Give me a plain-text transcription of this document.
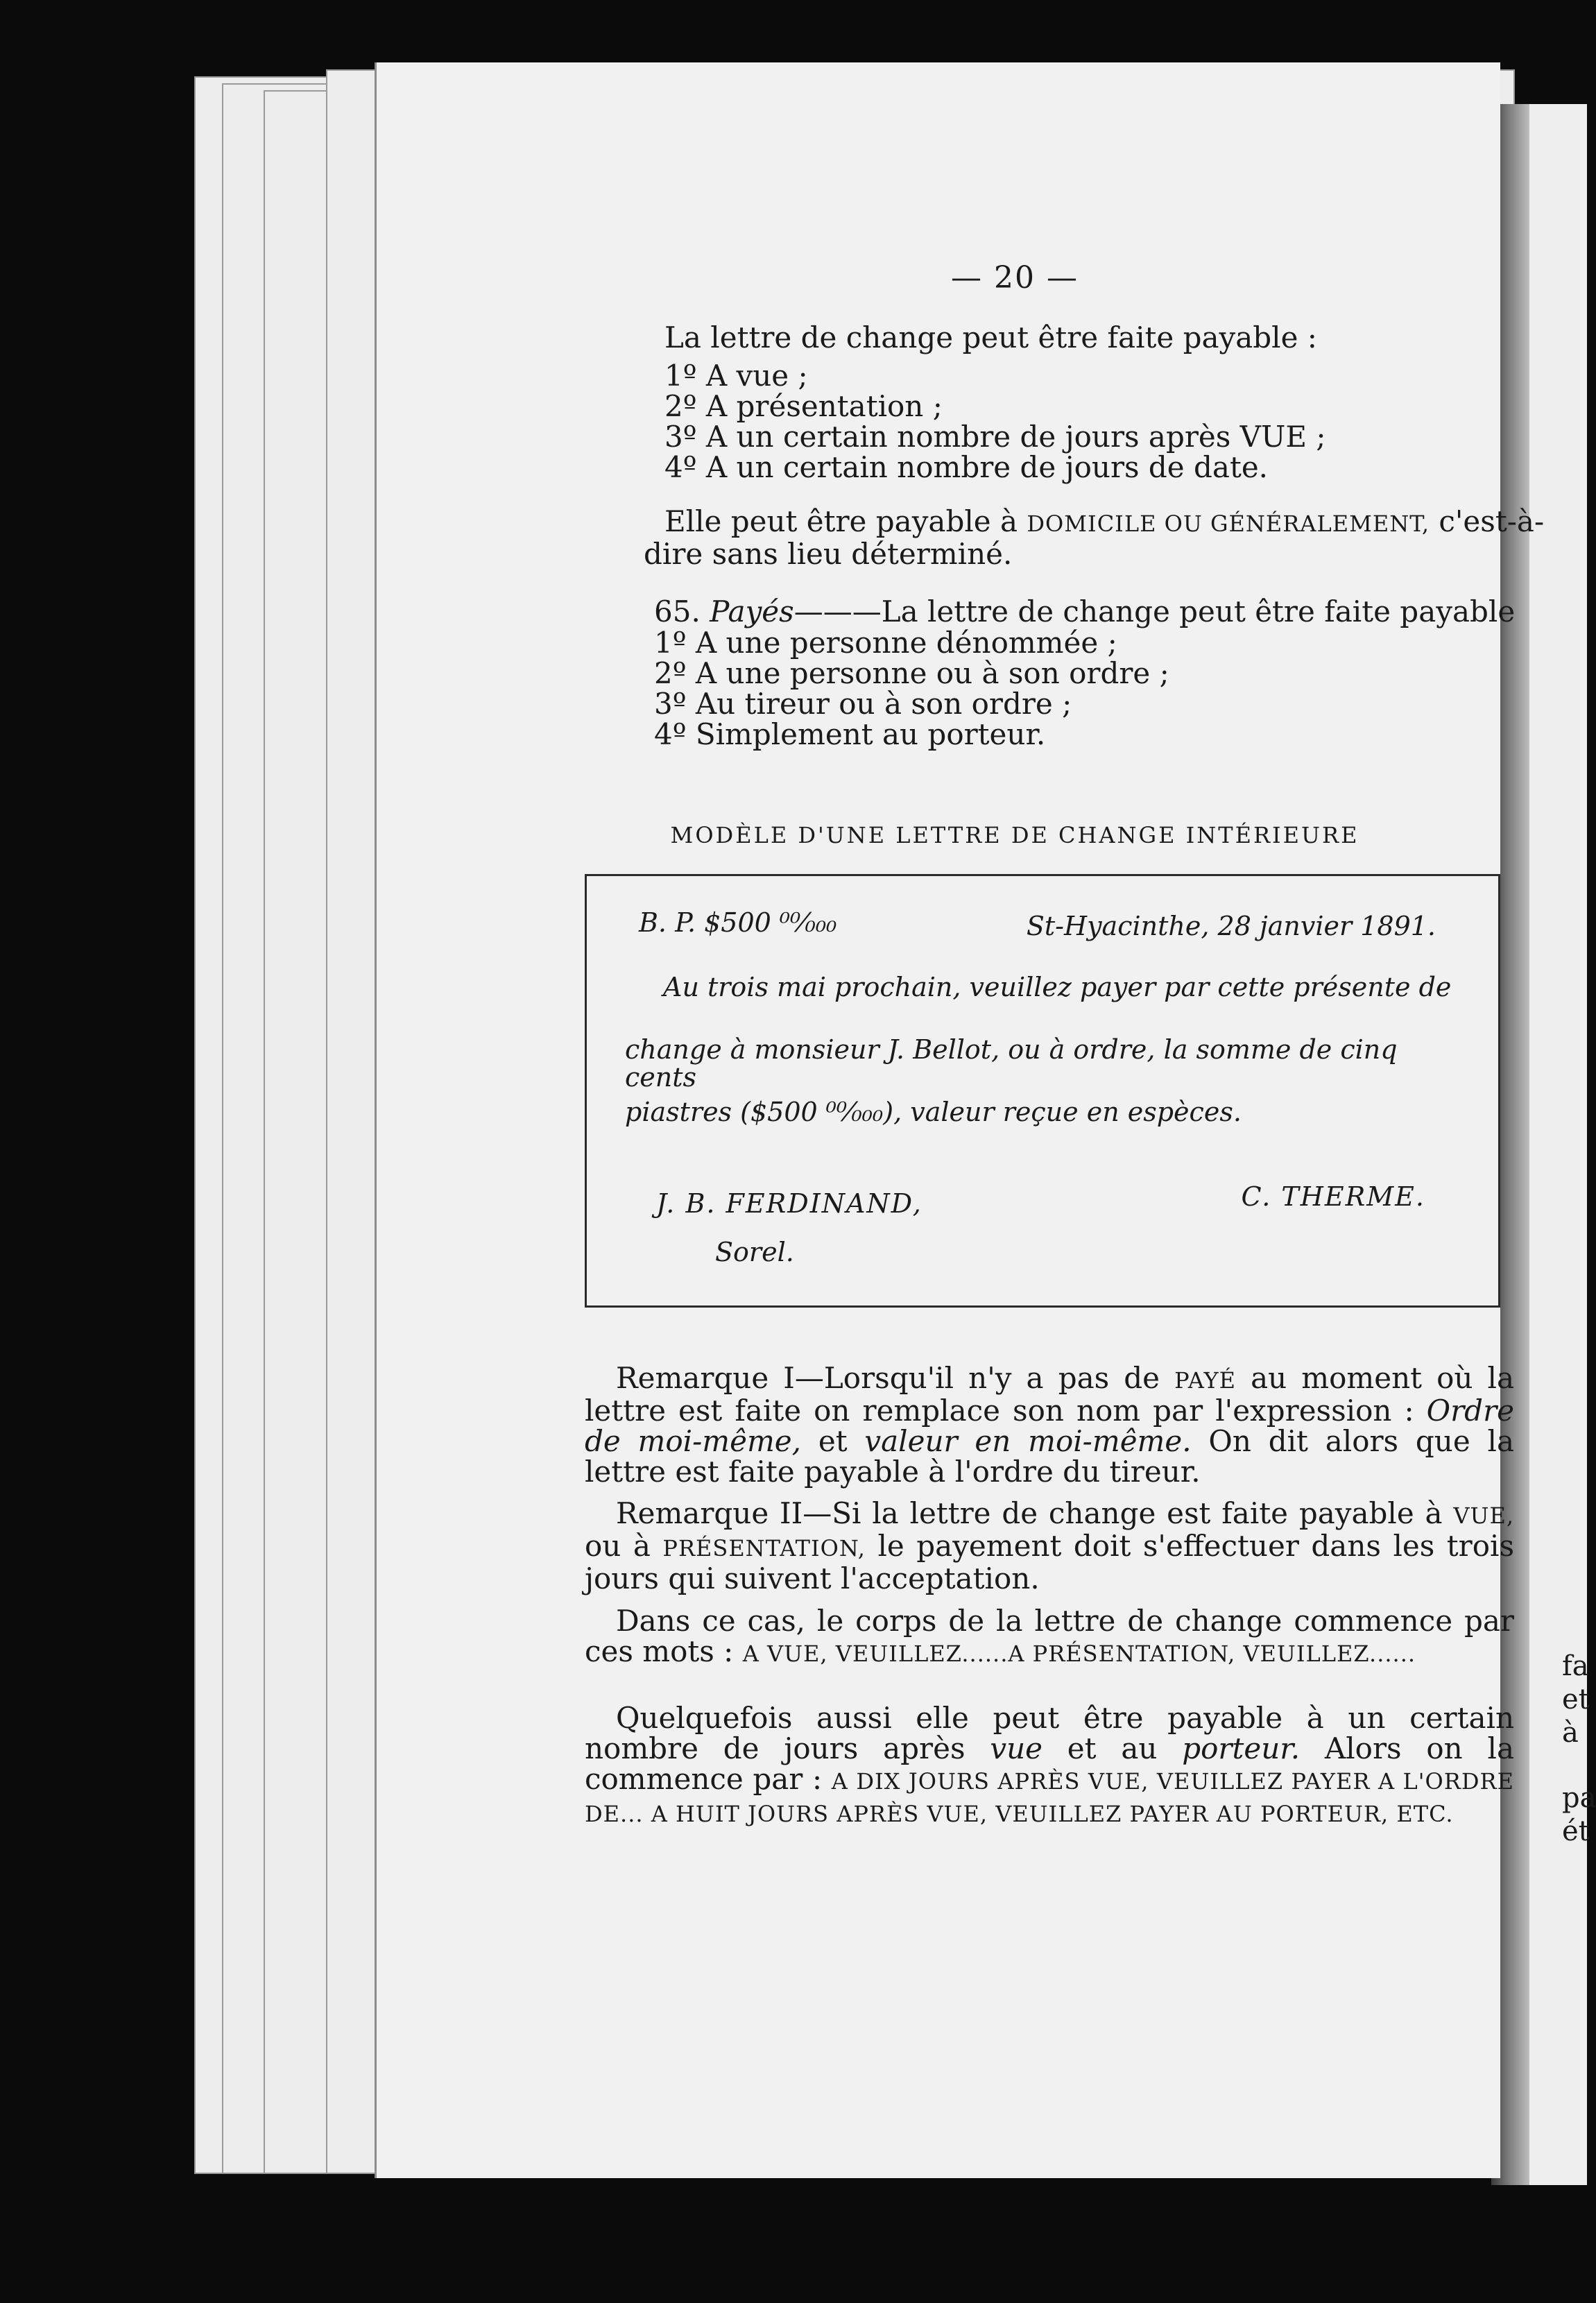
fa
et
à
pa
ét
— 20 —

La lettre de change peut être faite payable :

1º A vue ;
2º A présentation ;
3º A un certain nombre de jours après VUE ;
4º A un certain nombre de jours de date.

Elle peut être payable à DOMICILE OU GÉNÉRALEMENT, c'est-à-dire sans lieu déterminé.

65. Payés———La lettre de change peut être faite payable

1º A une personne dénommée ;
2º A une personne ou à son ordre ;
3º Au tireur ou à son ordre ;
4º Simplement au porteur.
MODÈLE D'UNE LETTRE DE CHANGE INTÉRIEURE
B. P. $500 ⁰⁰⁄₀₀₀	St-Hyacinthe, 28 janvier 1891.
Au trois mai prochain, veuillez payer par cette présente de
change à monsieur J. Bellot, ou à ordre, la somme de cinq cents
piastres ($500 ⁰⁰⁄₀₀₀), valeur reçue en espèces.
J. B. FERDINAND,
Sorel.
C. THERME.

Remarque I—Lorsqu'il n'y a pas de PAYÉ au moment où la lettre est faite on remplace son nom par l'expression : Ordre de moi-même, et valeur en moi-même. On dit alors que la lettre est faite payable à l'ordre du tireur.

Remarque II—Si la lettre de change est faite payable à VUE, ou à PRÉSENTATION, le payement doit s'effectuer dans les trois jours qui suivent l'acceptation.

Dans ce cas, le corps de la lettre de change commence par ces mots : A VUE, VEUILLEZ......A PRÉSENTATION, VEUILLEZ......

Quelquefois aussi elle peut être payable à un certain nombre de jours après vue et au porteur. Alors on la commence par : A DIX JOURS APRÈS VUE, VEUILLEZ PAYER A L'ORDRE DE... A HUIT JOURS APRÈS VUE, VEUILLEZ PAYER AU PORTEUR, ETC.
